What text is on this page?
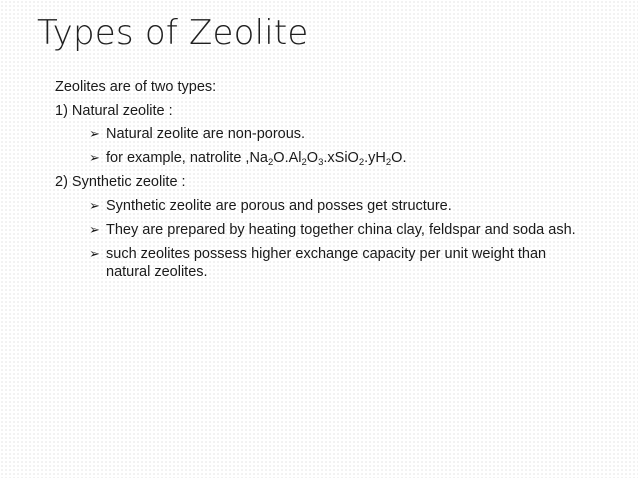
Types of Zeolite
Zeolites are of two types:
1) Natural zeolite :
➢ Natural zeolite are non-porous.
➢ for example, natrolite $,Na_2O.Al_2O_3.xSiO_2.yH_2O$.
2) Synthetic zeolite :
➢ Synthetic zeolite are porous and posses get structure.
➢ They are prepared by heating together china clay, feldspar and soda ash.
➢ such zeolites possess higher exchange capacity per unit weight than natural zeolites.
